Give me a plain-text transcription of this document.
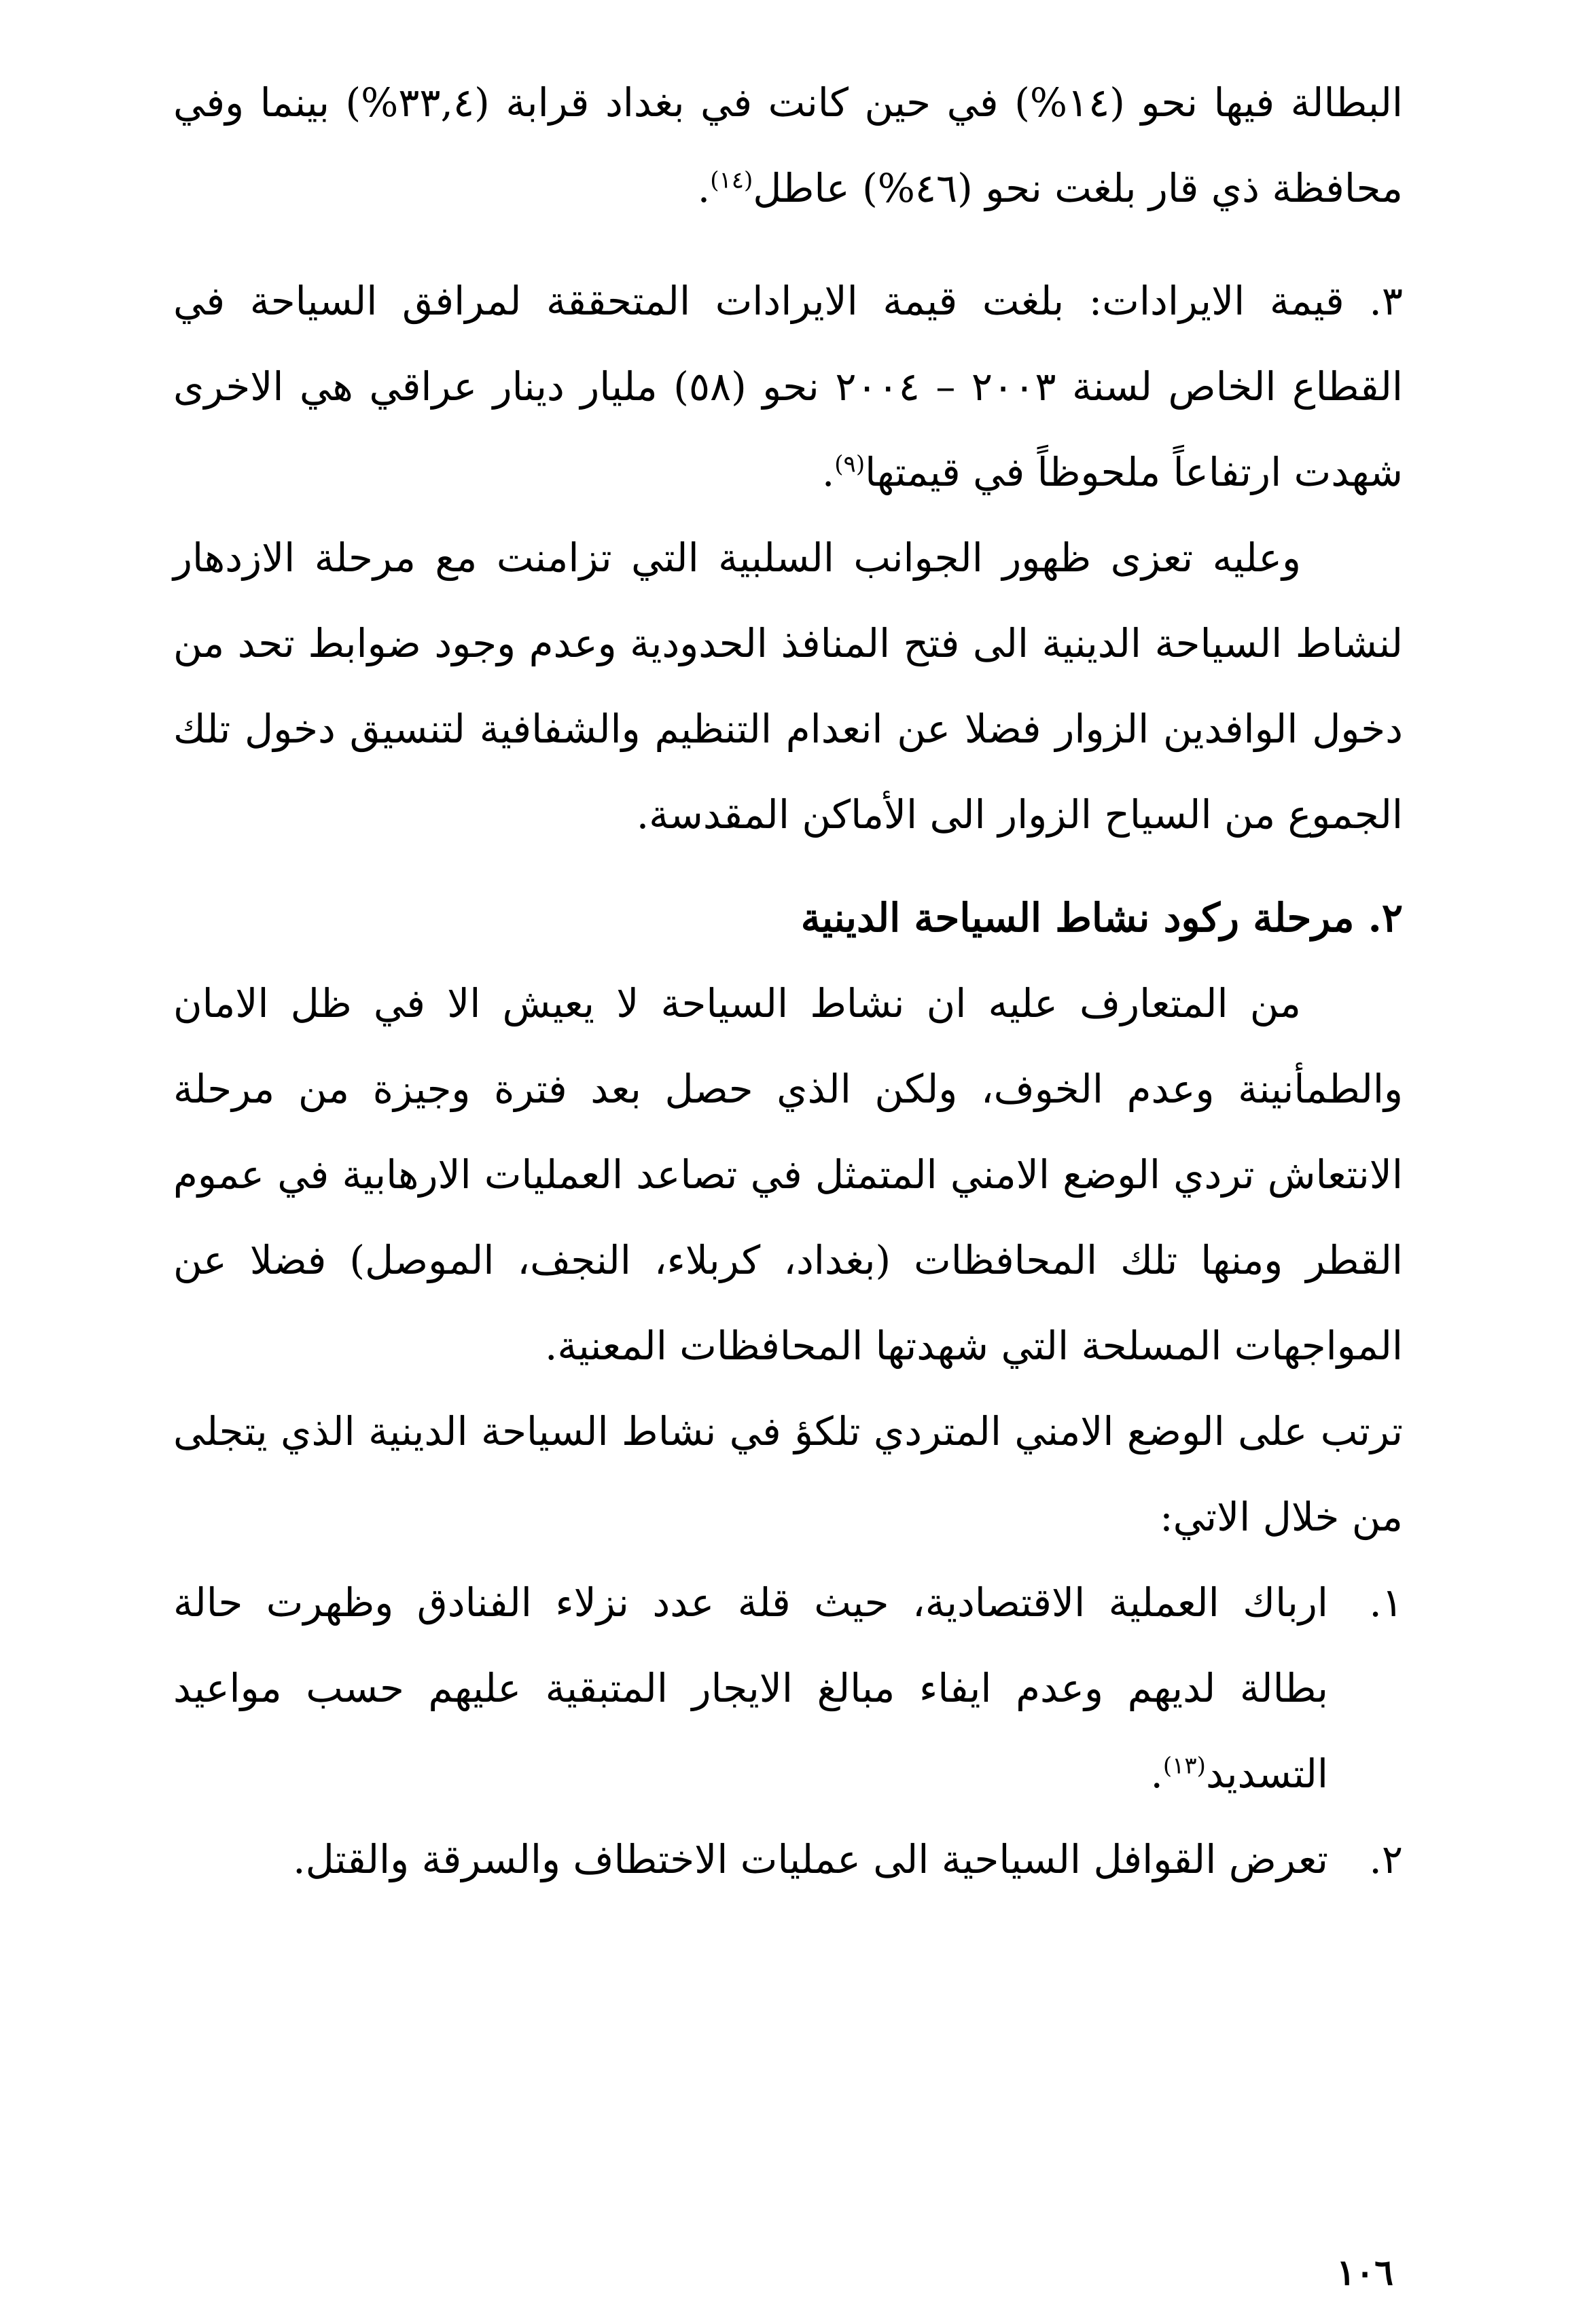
البطالة فيها نحو (١٤%) في حين كانت في بغداد قرابة (٣٣,٤%) بينما وفي محافظة ذي قار بلغت نحو (٤٦%) عاطل$^{(١٤)}$.

٣. قيمة الايرادات: بلغت قيمة الايرادات المتحققة لمرافق السياحة في القطاع الخاص لسنة ٢٠٠٣ – ٢٠٠٤ نحو (٥٨) مليار دينار عراقي هي الاخرى شهدت ارتفاعاً ملحوظاً في قيمتها$^{(٩)}$.

وعليه تعزى ظهور الجوانب السلبية التي تزامنت مع مرحلة الازدهار لنشاط السياحة الدينية الى فتح المنافذ الحدودية وعدم وجود ضوابط تحد من دخول الوافدين الزوار فضلا عن انعدام التنظيم والشفافية لتنسيق دخول تلك الجموع من السياح الزوار الى الأماكن المقدسة.

٢. مرحلة ركود نشاط السياحة الدينية

من المتعارف عليه ان نشاط السياحة لا يعيش الا في ظل الامان والطمأنينة وعدم الخوف، ولكن الذي حصل بعد فترة وجيزة من مرحلة الانتعاش تردي الوضع الامني المتمثل في تصاعد العمليات الارهابية في عموم القطر ومنها تلك المحافظات (بغداد، كربلاء، النجف، الموصل) فضلا عن المواجهات المسلحة التي شهدتها المحافظات المعنية.

ترتب على الوضع الامني المتردي تلكؤ في نشاط السياحة الدينية الذي يتجلى من خلال الاتي:

١.
ارباك العملية الاقتصادية، حيث قلة عدد نزلاء الفنادق وظهرت حالة بطالة لديهم وعدم ايفاء مبالغ الايجار المتبقية عليهم حسب مواعيد التسديد$^{(١٣)}$.

٢.
تعرض القوافل السياحية الى عمليات الاختطاف والسرقة والقتل.

١٠٦
